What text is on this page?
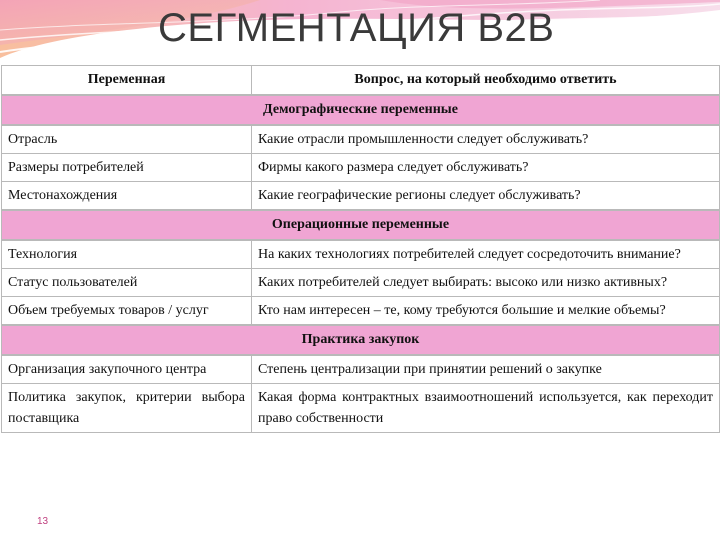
СЕГМЕНТАЦИЯ B2B
Переменная	Вопрос, на который необходимо ответить
Демографические переменные	
Отрасль	Какие отрасли промышленности следует обслуживать?
Размеры потребителей	Фирмы какого размера следует обслуживать?
Местонахождения	Какие географические регионы следует обслуживать?
Операционные переменные	
Технология	На каких технологиях потребителей следует сосредоточить внимание?
Статус пользователей	Каких потребителей следует выбирать: высоко или низко активных?
Объем требуемых товаров / услуг	Кто нам интересен – те, кому требуются большие и мелкие объемы?
Практика закупок	
Организация закупочного центра	Степень централизации при принятии решений о закупке
Политика закупок, критерии выбора поставщика	Какая форма контрактных взаимоотношений используется, как переходит право собственности
13
